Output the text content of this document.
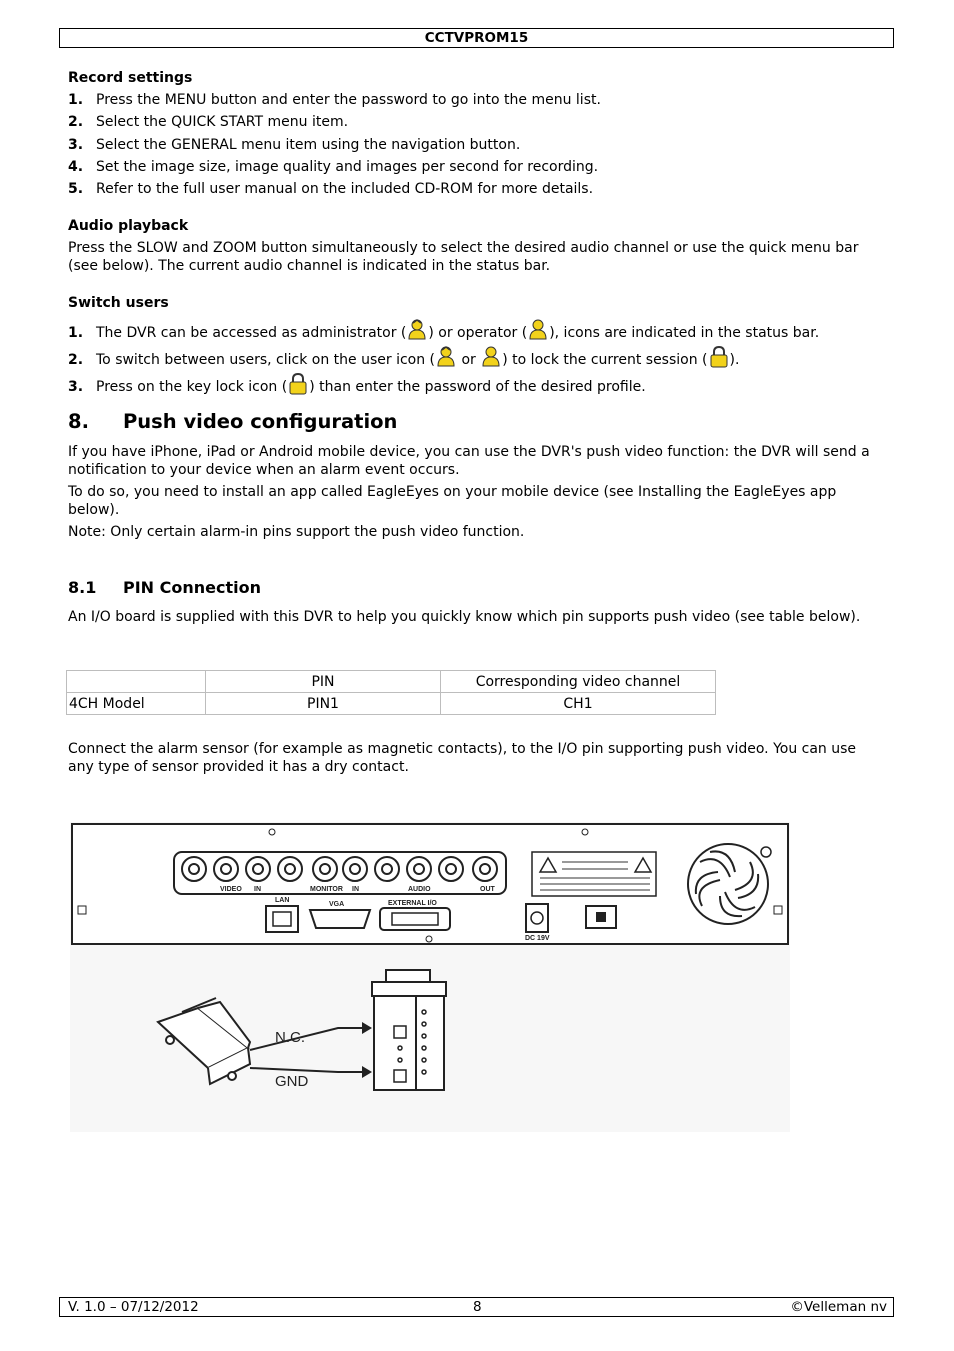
CCTVPROM15
Record settings
1. Press the MENU button and enter the password to go into the menu list.
2. Select the QUICK START menu item.
3. Select the GENERAL menu item using the navigation button.
4. Set the image size, image quality and images per second for recording.
5. Refer to the full user manual on the included CD-ROM for more details.
Audio playback
Press the SLOW and ZOOM button simultaneously to select the desired audio channel or use the quick menu bar (see below). The current audio channel is indicated in the status bar.
Switch users
1. The DVR can be accessed as administrator ( ) or operator ( ), icons are indicated in the status bar.
2. To switch between users, click on the user icon ( or ) to lock the current session ( ).
3. Press on the key lock icon ( ) than enter the password of the desired profile.
8. Push video configuration
If you have iPhone, iPad or Android mobile device, you can use the DVR's push video function: the DVR will send a notification to your device when an alarm event occurs.
To do so, you need to install an app called EagleEyes on your mobile device (see Installing the EagleEyes app below).
Note: Only certain alarm-in pins support the push video function.
8.1 PIN Connection
An I/O board is supplied with this DVR to help you quickly know which pin supports push video (see table below).
Connect the alarm sensor (for example as magnetic contacts), to the I/O pin supporting push video. You can use any type of sensor provided it has a dry contact.
	PIN	Corresponding video channel
4CH Model	PIN1	CH1
VIDEO IN	MONITOR IN	AUDIO	OUT
LAN
VGA	EXTERNAL I/O
DC 19V
N.C.
GND
V. 1.0 – 07/12/2012	8	©Velleman nv
